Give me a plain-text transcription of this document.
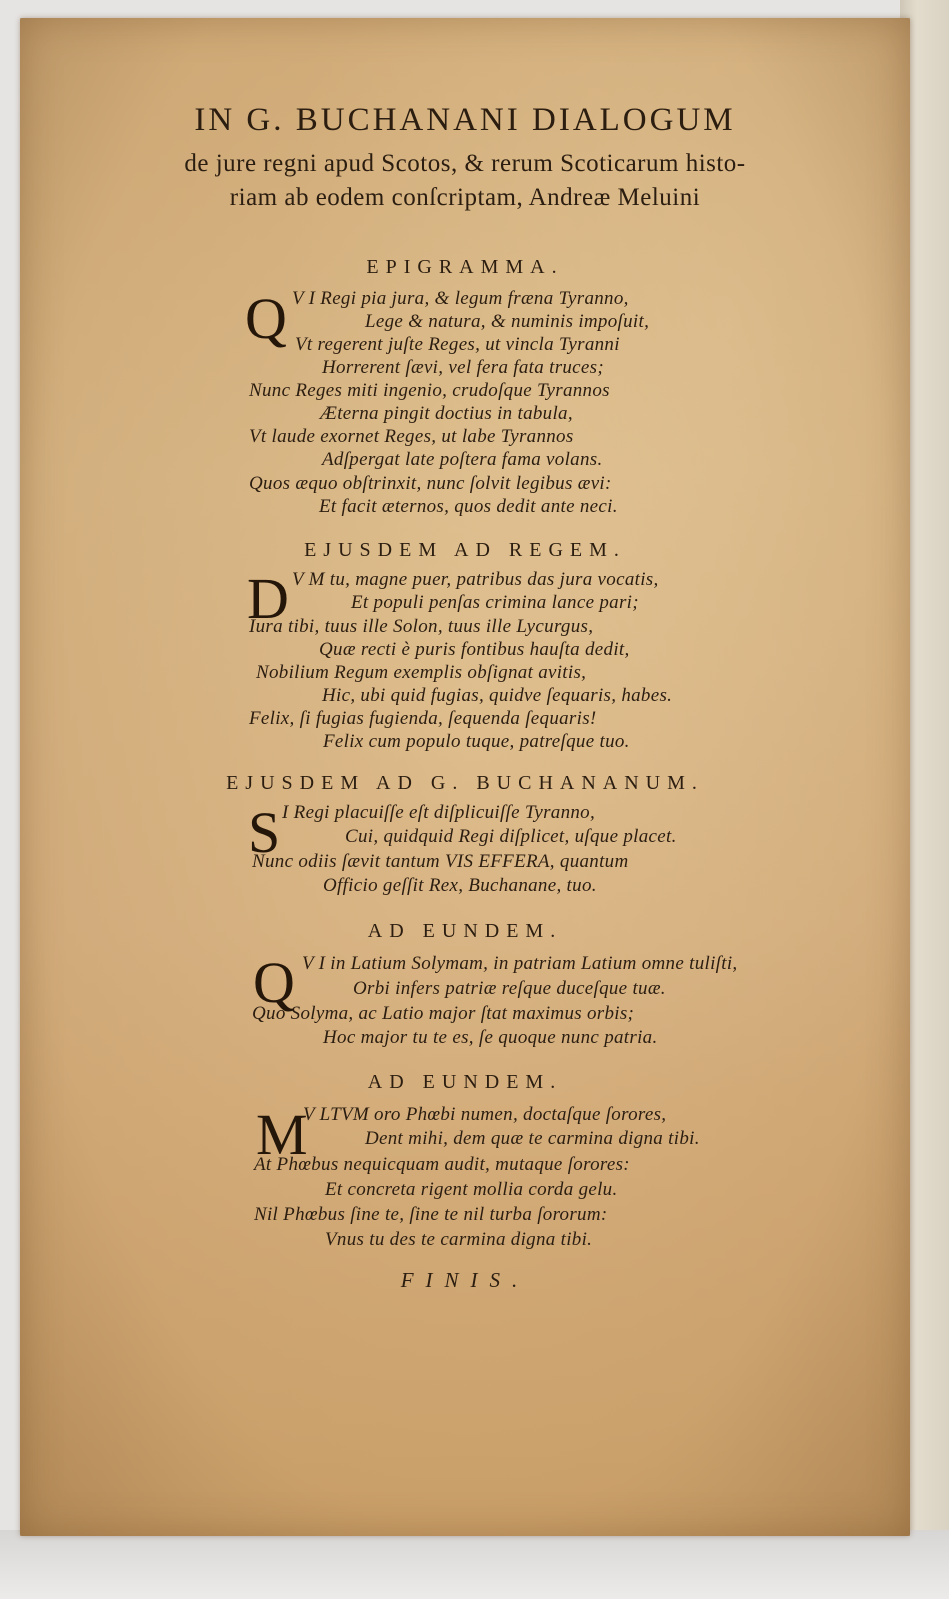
IN G. BUCHANANI DIALOGUM
de jure regni apud Scotos, & rerum Scoticarum histo-
riam ab eodem conſcriptam, Andreæ Meluini
EPIGRAMMA.
Q V I Regi pia jura, & legum fræna Tyranno,
Lege & natura, & numinis impoſuit,
Vt regerent juſte Reges, ut vincla Tyranni
Horrerent ſævi, vel fera fata truces;
Nunc Reges miti ingenio, crudoſque Tyrannos
Æterna pingit doctius in tabula,
Vt laude exornet Reges, ut labe Tyrannos
Adſpergat late poſtera fama volans.
Quos æquo obſtrinxit, nunc ſolvit legibus ævi:
Et facit æternos, quos dedit ante neci.
EJUSDEM AD REGEM.
D V M tu, magne puer, patribus das jura vocatis,
Et populi penſas crimina lance pari;
Iura tibi, tuus ille Solon, tuus ille Lycurgus,
Quæ recti è puris fontibus hauſta dedit,
Nobilium Regum exemplis obſignat avitis,
Hic, ubi quid fugias, quidve ſequaris, habes.
Felix, ſi fugias fugienda, ſequenda ſequaris!
Felix cum populo tuque, patreſque tuo.
EJUSDEM AD G. BUCHANANUM.
S I Regi placuiſſe eſt diſplicuiſſe Tyranno,
Cui, quidquid Regi diſplicet, uſque placet.
Nunc odiis ſævit tantum VIS EFFERA, quantum
Officio geſſit Rex, Buchanane, tuo.
AD EUNDEM.
Q V I in Latium Solymam, in patriam Latium omne tuliſti,
Orbi infers patriæ reſque duceſque tuæ.
Quo Solyma, ac Latio major ſtat maximus orbis;
Hoc major tu te es, ſe quoque nunc patria.
AD EUNDEM.
M
V LTVM oro Phœbi numen, doctaſque ſorores,
Dent mihi, dem quæ te carmina digna tibi.
At Phœbus nequicquam audit, mutaque ſorores:
Et concreta rigent mollia corda gelu.
Nil Phœbus ſine te, ſine te nil turba ſororum:
Vnus tu des te carmina digna tibi.
FINIS.
